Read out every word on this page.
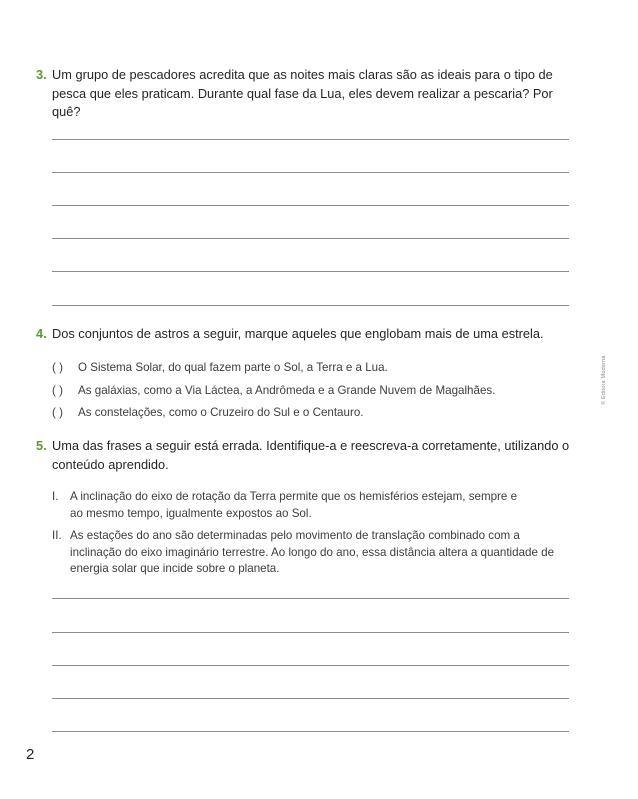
3. Um grupo de pescadores acredita que as noites mais claras são as ideais para o tipo de pesca que eles praticam. Durante qual fase da Lua, eles devem realizar a pescaria? Por quê?
4. Dos conjuntos de astros a seguir, marque aqueles que englobam mais de uma estrela.
( ) O Sistema Solar, do qual fazem parte o Sol, a Terra e a Lua.
( ) As galáxias, como a Via Láctea, a Andrômeda e a Grande Nuvem de Magalhães.
( ) As constelações, como o Cruzeiro do Sul e o Centauro.
© Editora Moderna
5. Uma das frases a seguir está errada. Identifique-a e reescreva-a corretamente, utilizando o conteúdo aprendido.
I. A inclinação do eixo de rotação da Terra permite que os hemisférios estejam, sempre e ao mesmo tempo, igualmente expostos ao Sol.
II. As estações do ano são determinadas pelo movimento de translação combinado com a inclinação do eixo imaginário terrestre. Ao longo do ano, essa distância altera a quantidade de energia solar que incide sobre o planeta.
2
